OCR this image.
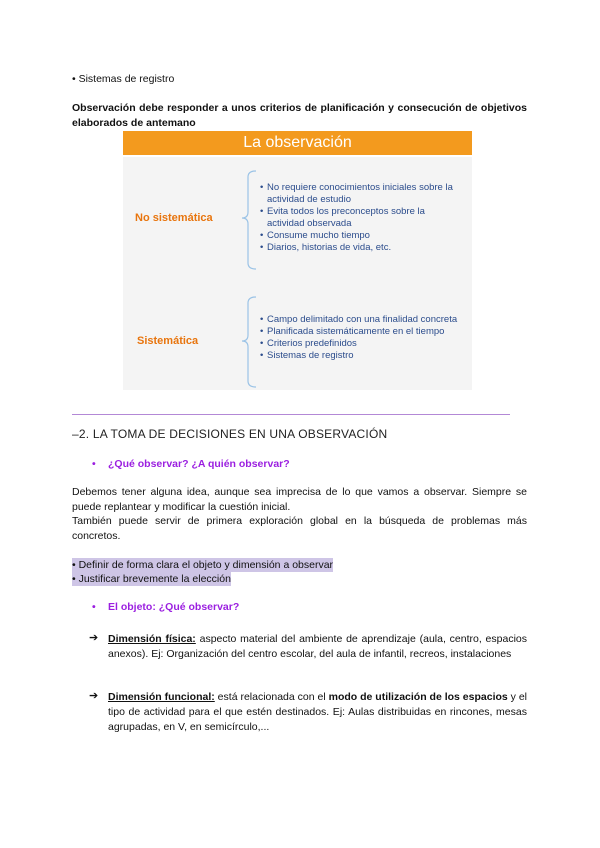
• Sistemas de registro
Observación debe responder a unos criterios de planificación y consecución de objetivos elaborados de antemano
La observación
No sistemática
• No requiere conocimientos iniciales sobre la actividad de estudio
• Evita todos los preconceptos sobre la actividad observada
• Consume mucho tiempo
• Diarios, historias de vida, etc.
Sistemática
• Campo delimitado con una finalidad concreta
• Planificada sistemáticamente en el tiempo
• Criterios predefinidos
• Sistemas de registro
–2. LA TOMA DE DECISIONES EN UNA OBSERVACIÓN
• ¿Qué observar? ¿A quién observar?
Debemos tener alguna idea, aunque sea imprecisa de lo que vamos a observar. Siempre se puede replantear y modificar la cuestión inicial.
También puede servir de primera exploración global en la búsqueda de problemas más concretos.
• Definir de forma clara el objeto y dimensión a observar
• Justificar brevemente la elección
• El objeto: ¿Qué observar?
➔ Dimensión física: aspecto material del ambiente de aprendizaje (aula, centro, espacios anexos). Ej: Organización del centro escolar, del aula de infantil, recreos, instalaciones
➔ Dimensión funcional: está relacionada con el modo de utilización de los espacios y el tipo de actividad para el que estén destinados. Ej: Aulas distribuidas en rincones, mesas agrupadas, en V, en semicírculo,...
